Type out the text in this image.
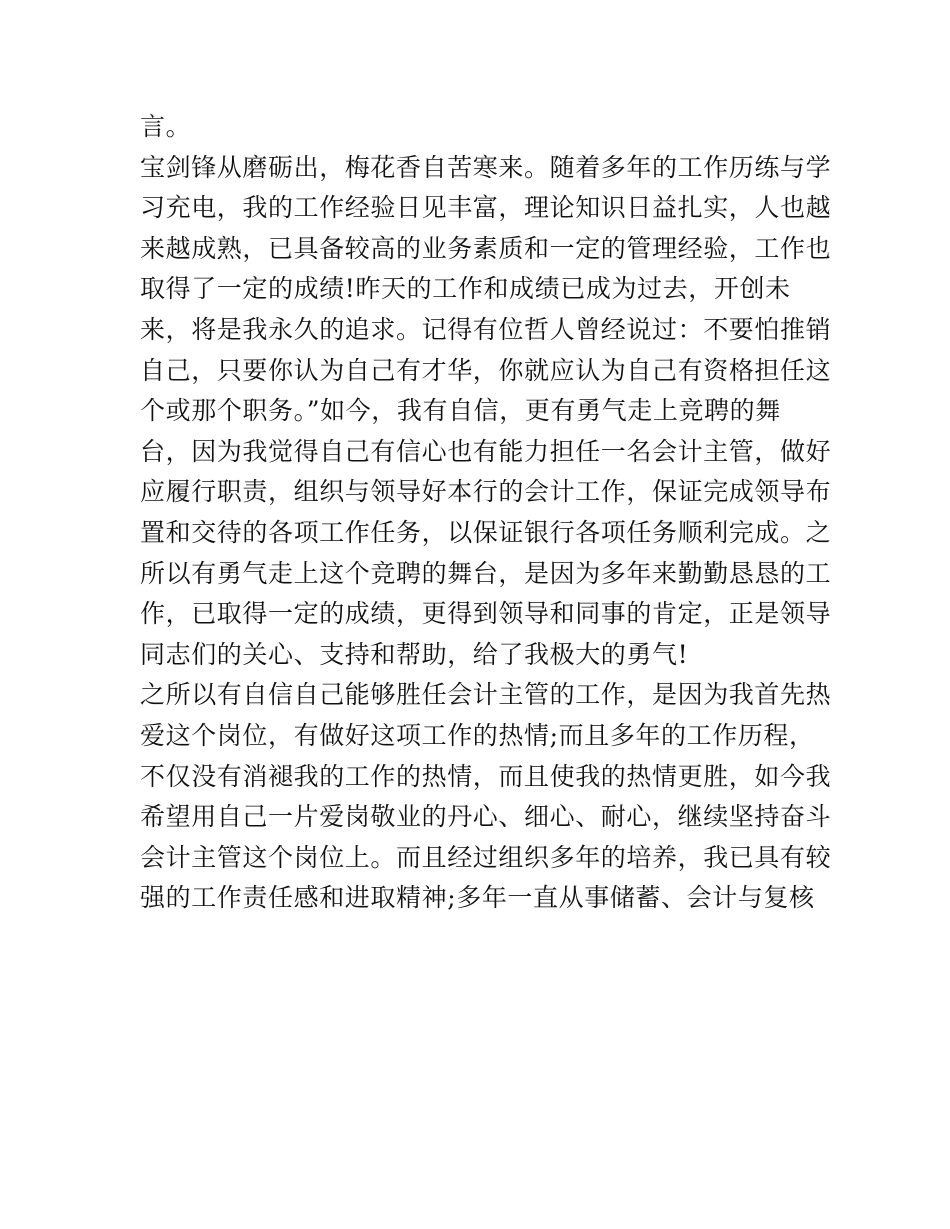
言。
宝剑锋从磨砺出，梅花香自苦寒来。随着多年的工作历练与学
习充电，我的工作经验日见丰富，理论知识日益扎实，人也越
来越成熟，已具备较高的业务素质和一定的管理经验，工作也
取得了一定的成绩!昨天的工作和成绩已成为过去，开创未
来，将是我永久的追求。记得有位哲人曾经说过：不要怕推销
自己，只要你认为自己有才华，你就应认为自己有资格担任这
个或那个职务。”如今，我有自信，更有勇气走上竞聘的舞
台，因为我觉得自己有信心也有能力担任一名会计主管，做好
应履行职责，组织与领导好本行的会计工作，保证完成领导布
置和交待的各项工作任务，以保证银行各项任务顺利完成。之
所以有勇气走上这个竞聘的舞台，是因为多年来勤勤恳恳的工
作，已取得一定的成绩，更得到领导和同事的肯定，正是领导
同志们的关心、支持和帮助，给了我极大的勇气!
之所以有自信自己能够胜任会计主管的工作，是因为我首先热
爱这个岗位，有做好这项工作的热情;而且多年的工作历程，
不仅没有消褪我的工作的热情，而且使我的热情更胜，如今我
希望用自己一片爱岗敬业的丹心、细心、耐心，继续坚持奋斗
会计主管这个岗位上。而且经过组织多年的培养，我已具有较
强的工作责任感和进取精神;多年一直从事储蓄、会计与复核
